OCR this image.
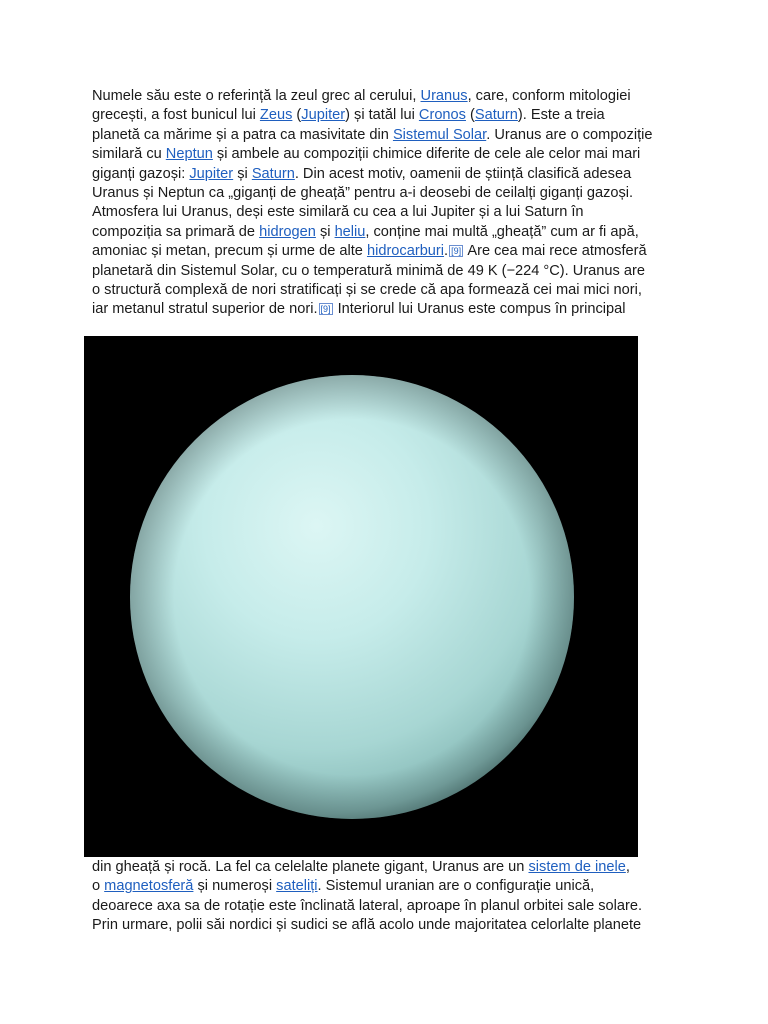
Numele său este o referință la zeul grec al cerului, Uranus, care, conform mitologiei

grecești, a fost bunicul lui Zeus (Jupiter) și tatăl lui Cronos (Saturn). Este a treia

planetă ca mărime și a patra ca masivitate din Sistemul Solar. Uranus are o compoziție

similară cu Neptun și ambele au compoziții chimice diferite de cele ale celor mai mari

giganți gazoși: Jupiter și Saturn. Din acest motiv, oamenii de știință clasifică adesea

Uranus și Neptun ca „giganți de gheață” pentru a-i deosebi de ceilalți giganți gazoși.

Atmosfera lui Uranus, deși este similară cu cea a lui Jupiter și a lui Saturn în

compoziția sa primară de hidrogen și heliu, conține mai multă „gheață” cum ar fi apă,

amoniac și metan, precum și urme de alte hidrocarburi. [9] Are cea mai rece atmosferă

planetară din Sistemul Solar, cu o temperatură minimă de 49 K (−224 °C). Uranus are

o structură complexă de nori stratificați și se crede că apa formează cei mai mici nori,

iar metanul stratul superior de nori. [9] Interiorul lui Uranus este compus în principal

din gheață și rocă. La fel ca celelalte planete gigant, Uranus are un sistem de inele,

o magnetosferă și numeroși sateliți. Sistemul uranian are o configurație unică,

deoarece axa sa de rotație este înclinată lateral, aproape în planul orbitei sale solare.

Prin urmare, polii săi nordici și sudici se află acolo unde majoritatea celorlalte planete
